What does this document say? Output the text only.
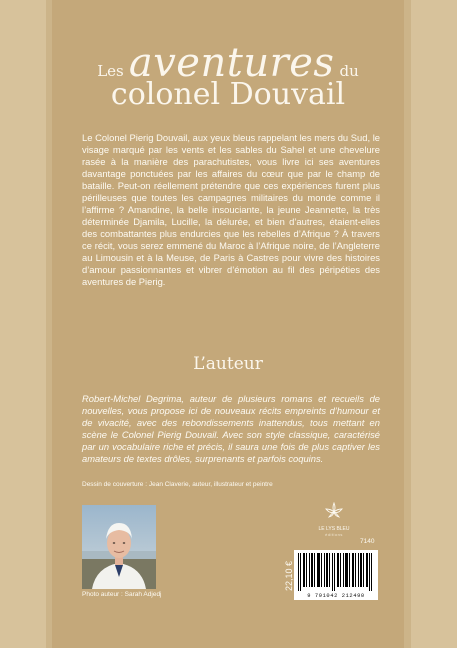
Les aventures du
colonel Douvail

Le Colonel Pierig Douvail, aux yeux bleus rappelant les mers du Sud, le visage marqué par les vents et les sables du Sahel et une chevelure rasée à la manière des parachutistes, vous livre ici ses aventures davantage ponctuées par les affaires du cœur que par le champ de bataille. Peut-on réellement prétendre que ces expériences furent plus périlleuses que toutes les campagnes militaires du monde comme il l’affirme ? Amandine, la belle insouciante, la jeune Jeannette, la très déterminée Djamila, Lucille, la délurée, et bien d’autres, étaient-elles des combattantes plus endurcies que les rebelles d’Afrique ? À travers ce récit, vous serez emmené du Maroc à l’Afrique noire, de l’Angleterre au Limousin et à la Meuse, de Paris à Castres pour vivre des histoires d’amour passionnantes et vibrer d’émotion au fil des péripéties des aventures de Pierig.

L’auteur

Robert-Michel Degrima, auteur de plusieurs romans et recueils de nouvelles, vous propose ici de nouveaux récits empreints d’humour et de vivacité, avec des rebondissements inattendus, tous mettant en scène le Colonel Pierig Douvail. Avec son style classique, caractérisé par un vocabulaire riche et précis, il saura une fois de plus captiver les amateurs de textes drôles, surprenants et parfois coquins.

Dessin de couverture : Jean Claverie, auteur, illustrateur et peintre
Photo auteur : Sarah Adjedj
LE LYS BLEU
éditions
7140
22,10 €
9 791042 212490
